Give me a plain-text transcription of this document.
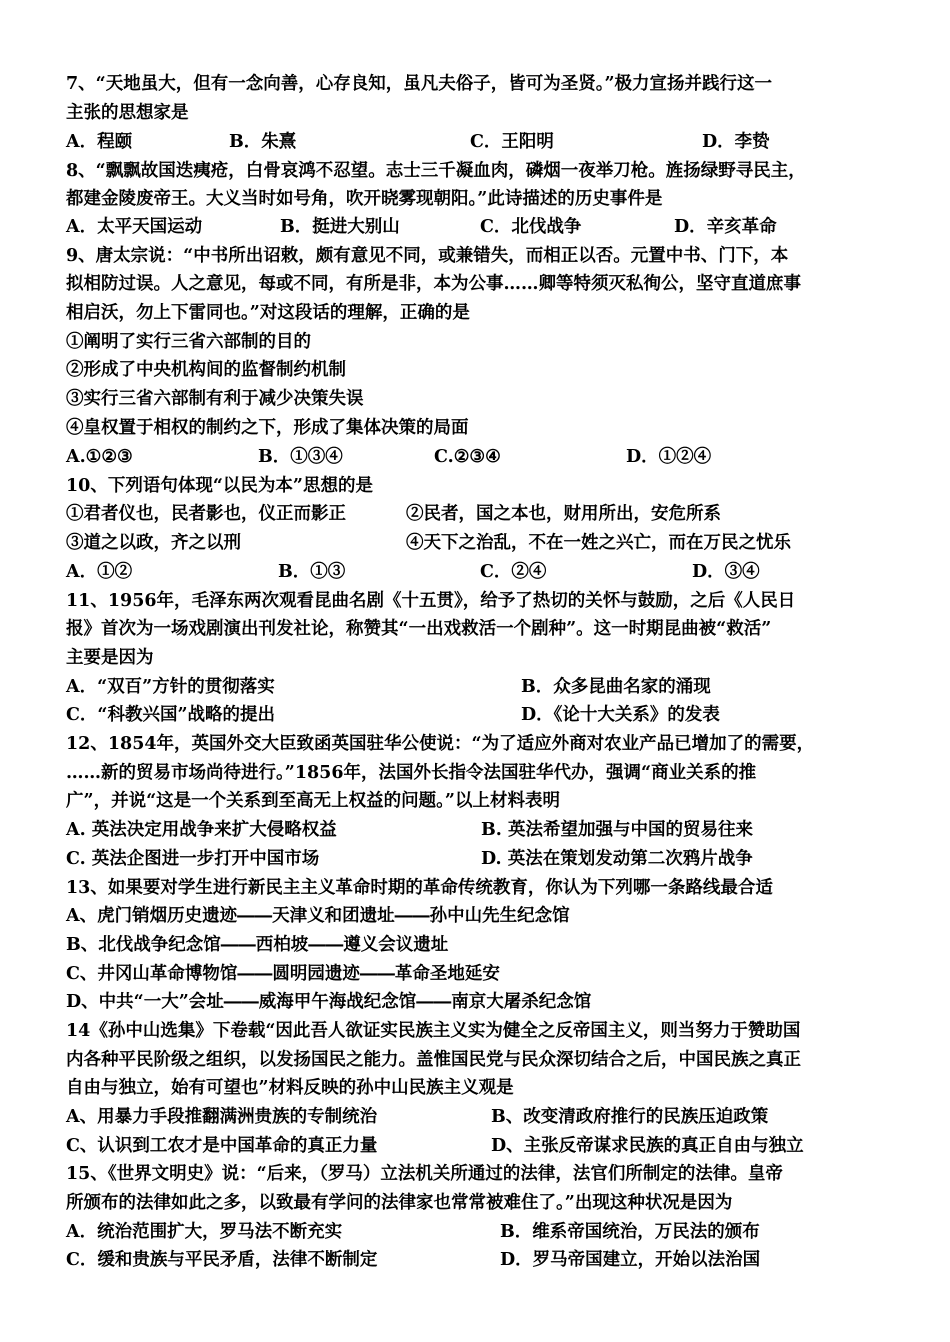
7、“天地虽大，但有一念向善，心存良知，虽凡夫俗子，皆可为圣贤。”极力宣扬并践行这一
主张的思想家是
A．程颐	B．朱熹	C．王阳明	D．李贽
8、“飘飘故国迭痍疮，白骨哀鸿不忍望。志士三千凝血肉，磷烟一夜举刀枪。旌扬绿野寻民主，
都建金陵废帝王。大义当时如号角，吹开晓雾现朝阳。”此诗描述的历史事件是
A．太平天国运动	B．挺进大别山	C．北伐战争	D．辛亥革命
9、唐太宗说：“中书所出诏敕，颇有意见不同，或兼错失，而相正以否。元置中书、门下，本
拟相防过误。人之意见，每或不同，有所是非，本为公事……卿等特须灭私徇公，坚守直道庶事
相启沃，勿上下雷同也。”对这段话的理解，正确的是
①阐明了实行三省六部制的目的
②形成了中央机构间的监督制约机制
③实行三省六部制有利于减少决策失误
④皇权置于相权的制约之下，形成了集体决策的局面
A.①②③	B．①③④	C.②③④	D．①②④
10、下列语句体现“以民为本”思想的是
①君者仪也，民者影也，仪正而影正	②民者，国之本也，财用所出，安危所系
③道之以政，齐之以刑	④天下之治乱，不在一姓之兴亡，而在万民之忧乐
A．①②	B．①③	C．②④	D．③④
11、1956年，毛泽东两次观看昆曲名剧《十五贯》，给予了热切的关怀与鼓励，之后《人民日
报》首次为一场戏剧演出刊发社论，称赞其“一出戏救活一个剧种”。这一时期昆曲被“救活”
主要是因为
A．“双百”方针的贯彻落实	B．众多昆曲名家的涌现
C．“科教兴国”战略的提出	D．《论十大关系》的发表
12、1854年，英国外交大臣致函英国驻华公使说：“为了适应外商对农业产品已增加了的需要，
……新的贸易市场尚待进行。”1856年，法国外长指令法国驻华代办，强调“商业关系的推
广”，并说“这是一个关系到至高无上权益的问题。”以上材料表明
A. 英法决定用战争来扩大侵略权益	B. 英法希望加强与中国的贸易往来
C. 英法企图进一步打开中国市场	D. 英法在策划发动第二次鸦片战争
13、如果要对学生进行新民主主义革命时期的革命传统教育，你认为下列哪一条路线最合适
A、虎门销烟历史遗迹――天津义和团遗址――孙中山先生纪念馆
B、北伐战争纪念馆――西柏坡――遵义会议遗址
C、井冈山革命博物馆――圆明园遗迹――革命圣地延安
D、中共“一大”会址――威海甲午海战纪念馆――南京大屠杀纪念馆
14《孙中山选集》下卷载“因此吾人欲证实民族主义实为健全之反帝国主义，则当努力于赞助国
内各种平民阶级之组织，以发扬国民之能力。盖惟国民党与民众深切结合之后，中国民族之真正
自由与独立，始有可望也”材料反映的孙中山民族主义观是
A、用暴力手段推翻满洲贵族的专制统治	B、改变清政府推行的民族压迫政策
C、认识到工农才是中国革命的真正力量	D、主张反帝谋求民族的真正自由与独立
15、《世界文明史》说：“后来，（罗马）立法机关所通过的法律，法官们所制定的法律。皇帝
所颁布的法律如此之多，以致最有学问的法律家也常常被难住了。”出现这种状况是因为
A．统治范围扩大，罗马法不断充实	B．维系帝国统治，万民法的颁布
C．缓和贵族与平民矛盾，法律不断制定	D．罗马帝国建立，开始以法治国
